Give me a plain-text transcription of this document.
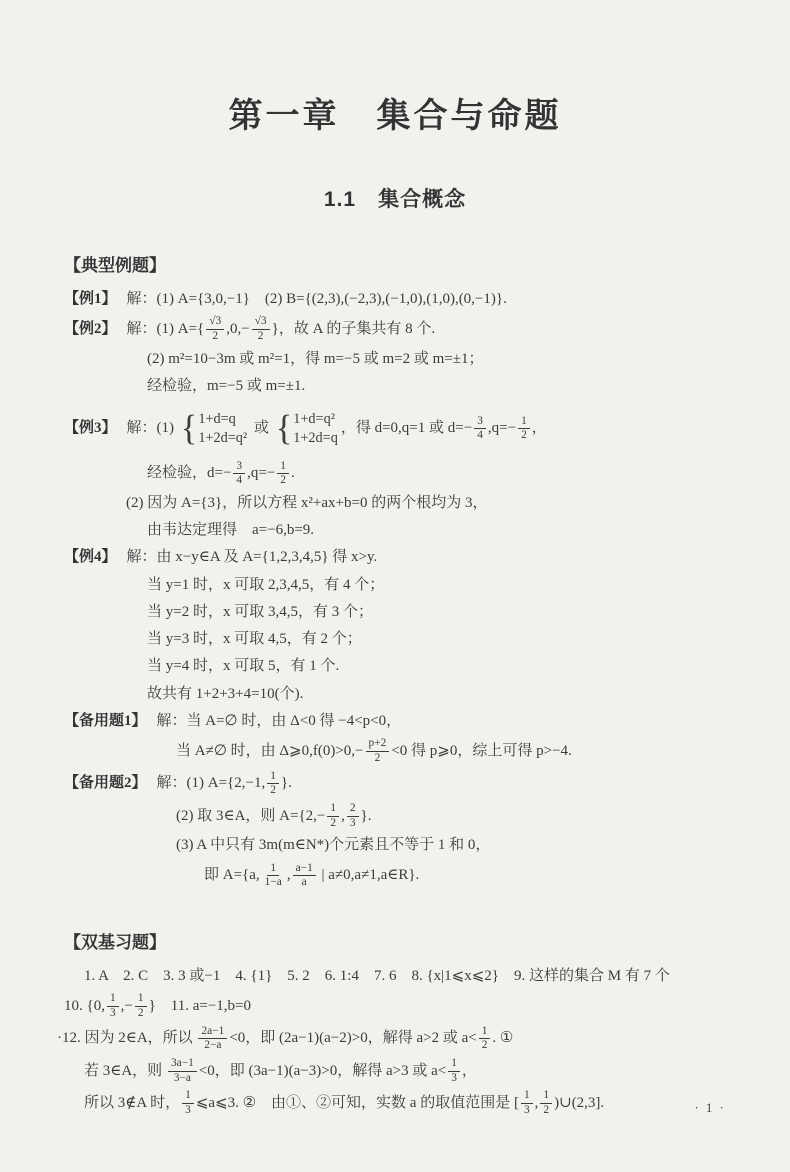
第一章　集合与命题
1.1　集合概念
【典型例题】

【例1】 解：(1) A={3,0,−1}　(2) B={(2,3),(−2,3),(−1,0),(1,0),(0,−1)}.

【例2】 解：(1) $A=\{ \frac{√3}{2} ,0,- \frac{√3}{2}$ }，故 A 的子集共有 8 个.

(2) m²=10−3m 或 m²=1，得 m=−5 或 m=2 或 m=±1；

经检验，m=−5 或 m=±1.

【例3】 解：(1) { 1+d=q
1+2d=q²
或 { 1+d=q²
1+2d=q
，得 d=0,q=1 或 $d=- \frac{3}{4} ,q=- \frac{1}{2}$ ，

经检验，$d=- \frac{3}{4} ,q=- \frac{1}{2}$ .

(2) 因为 A={3}，所以方程 x²+ax+b=0 的两个根均为 3，

由韦达定理得　a=−6,b=9.

【例4】 解：由 x−y∈A 及 A={1,2,3,4,5} 得 x>y.

当 y=1 时，x 可取 2,3,4,5，有 4 个；

当 y=2 时，x 可取 3,4,5，有 3 个；

当 y=3 时，x 可取 4,5，有 2 个；

当 y=4 时，x 可取 5，有 1 个.

故共有 1+2+3+4=10(个).

【备用题1】 解：当 A=∅ 时，由 Δ<0 得 −4<p<0，

当 A≠∅ 时，由 Δ⩾0,f(0)>0,− $\frac{p+2}{2} <0$ 得 p⩾0，综上可得 p>−4.

【备用题2】 解：(1) A={2,−1, $\frac{1}{2}$ }.

(2) 取 3∈A，则 $A=\{2,- \frac{1}{2}$ , $\frac{2}{3}$ }.

(3) A 中只有 3m(m∈N*)个元素且不等于 1 和 0，

即 A={a, $\frac{1}{1-a}$ , $\frac{a-1}{a}$ | a≠0,a≠1,a∈R}.

【双基习题】

1. A　2. C　3. 3 或−1　4. {1}　5. 2　6. 1:4　7. 6　8. {x|1⩽x⩽2}　9. 这样的集合 M 有 7 个

10. {0, $\frac{1}{3}$ ,− $\frac{1}{2}$ }　11. a=−1,b=0

·12. 因为 2∈A，所以 $\frac{2a-1}{2-a} <0$，即 (2a−1)(a−2)>0，解得 a>2 或 $a< \frac{1}{2}$ . ①

若 3∈A，则 $\frac{3a-1}{3-a} <0$，即 (3a−1)(a−3)>0，解得 a>3 或 $a< \frac{1}{3}$ ，

所以 3∉A 时， $\frac{1}{3}$ ⩽a⩽3. ②　由①、②可知，实数 a 的取值范围是 [ $\frac{1}{3}$ , $\frac{1}{2}$ )∪(2,3].	· 1 ·
